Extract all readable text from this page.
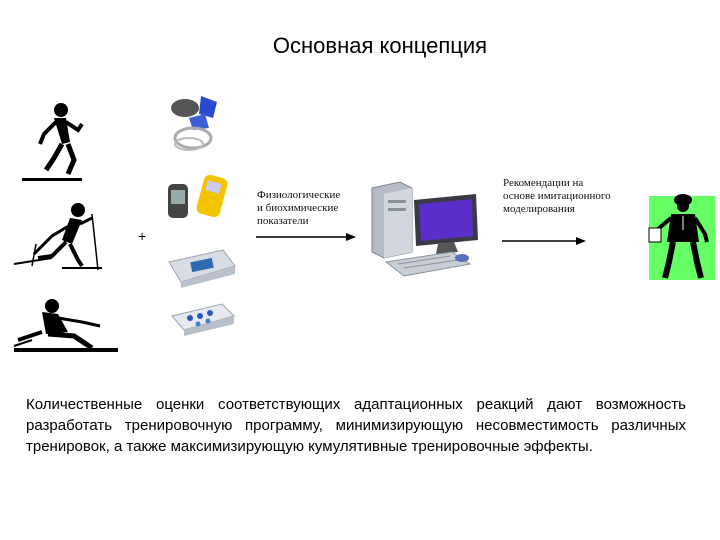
Основная концепция
+
Физиологические
и биохимические
показатели
Рекомендации на
основе имитационного
моделирования
Количественные оценки соответствующих адаптационных реакций дают возможность разработать тренировочную программу, минимизирующую несовместимость различных тренировок, а также максимизирующую кумулятивные тренировочные эффекты.
